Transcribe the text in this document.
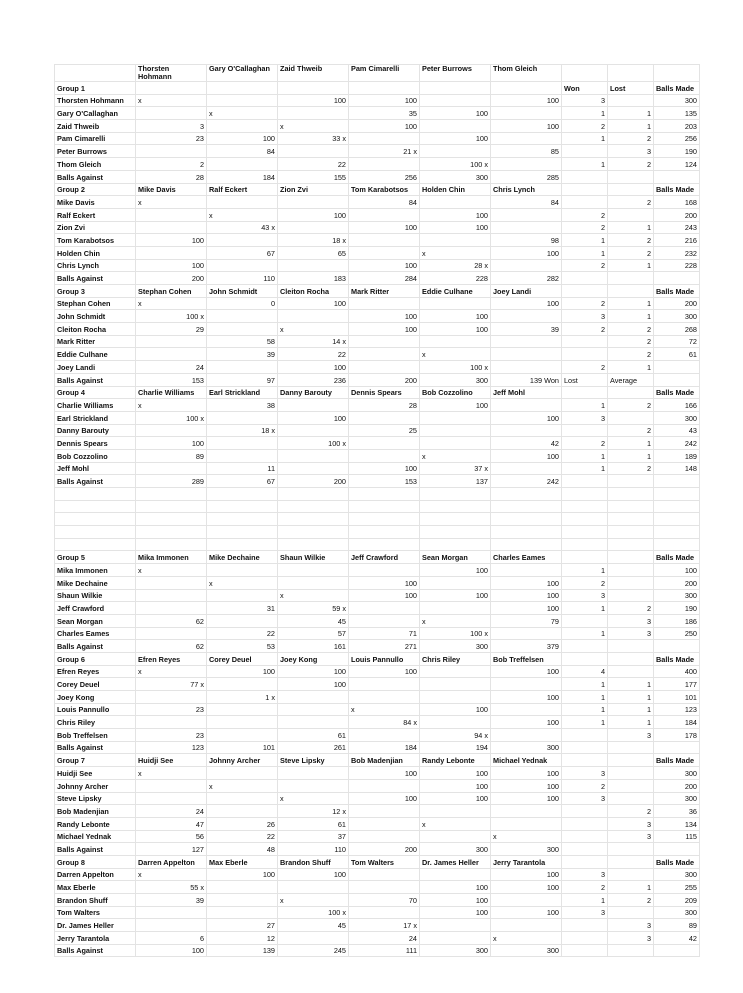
	Thorsten Hohmann	Gary O'Callaghan	Zaid Thweib	Pam Cimarelli	Peter Burrows	Thom Gleich			
Group 1							Won	Lost	Balls Made
Thorsten Hohmann	x		100	100		100	3		300
Gary O'Callaghan		x		35	100		1	1	135
Zaid Thweib	3		x	100		100	2	1	203
Pam Cimarelli	23	100	33 x		100		1	2	256
Peter Burrows		84		21 x		85		3	190
Thom Gleich	2		22		100 x		1	2	124
Balls Against	28	184	155	256	300	285			
Group 2	Mike Davis	Ralf Eckert	Zion Zvi	Tom Karabotsos	Holden Chin	Chris Lynch			Balls Made
Mike Davis	x			84		84		2	168
Ralf Eckert		x	100		100		2		200
Zion Zvi		43 x		100	100		2	1	243
Tom Karabotsos	100		18 x			98	1	2	216
Holden Chin		67	65		x	100	1	2	232
Chris Lynch	100			100	28 x		2	1	228
Balls Against	200	110	183	284	228	282			
Group 3	Stephan Cohen	John Schmidt	Cleiton Rocha	Mark Ritter	Eddie Culhane	Joey Landi			Balls Made
Stephan Cohen	x	0	100			100	2	1	200
John Schmidt	100 x			100	100		3	1	300
Cleiton Rocha	29		x	100	100	39	2	2	268
Mark Ritter		58	14 x					2	72
Eddie Culhane		39	22		x			2	61
Joey Landi	24		100		100 x		2	1	
Balls Against	153	97	236	200	300	139 Won	Lost	Average	
Group 4	Charlie Williams	Earl Strickland	Danny Barouty	Dennis Spears	Bob Cozzolino	Jeff Mohl			Balls Made
Charlie Williams	x	38		28	100		1	2	166
Earl Strickland	100 x		100			100	3		300
Danny Barouty		18 x		25				2	43
Dennis Spears	100		100 x			42	2	1	242
Bob Cozzolino	89				x	100	1	1	189
Jeff Mohl		11		100	37 x		1	2	148
Balls Against	289	67	200	153	137	242			

Group 5	Mika Immonen	Mike Dechaine	Shaun Wilkie	Jeff Crawford	Sean Morgan	Charles Eames			Balls Made
Mika Immonen	x				100		1		100
Mike Dechaine		x		100		100	2		200
Shaun Wilkie			x	100	100	100	3		300
Jeff Crawford		31	59 x			100	1	2	190
Sean Morgan	62		45		x	79		3	186
Charles Eames		22	57	71	100 x		1	3	250
Balls Against	62	53	161	271	300	379			
Group 6	Efren Reyes	Corey Deuel	Joey Kong	Louis Pannullo	Chris Riley	Bob Treffelsen			Balls Made
Efren Reyes	x	100	100	100		100	4		400
Corey Deuel	77 x		100				1	1	177
Joey Kong		1 x				100	1	1	101
Louis Pannullo	23			x	100		1	1	123
Chris Riley				84 x		100	1	1	184
Bob Treffelsen	23		61		94 x			3	178
Balls Against	123	101	261	184	194	300			
Group 7	Huidji See	Johnny Archer	Steve Lipsky	Bob Madenjian	Randy Lebonte	Michael Yednak			Balls Made
Huidji See	x			100	100	100	3		300
Johnny Archer		x			100	100	2		200
Steve Lipsky			x	100	100	100	3		300
Bob Madenjian	24		12 x					2	36
Randy Lebonte	47	26	61		x			3	134
Michael Yednak	56	22	37			x		3	115
Balls Against	127	48	110	200	300	300			
Group 8	Darren Appelton	Max Eberle	Brandon Shuff	Tom Walters	Dr. James Heller	Jerry Tarantola			Balls Made
Darren Appelton	x	100	100			100	3		300
Max Eberle	55 x				100	100	2	1	255
Brandon Shuff	39		x	70	100		1	2	209
Tom Walters			100 x		100	100	3		300
Dr. James Heller		27	45	17 x				3	89
Jerry Tarantola	6	12		24		x		3	42
Balls Against	100	139	245	111	300	300			
